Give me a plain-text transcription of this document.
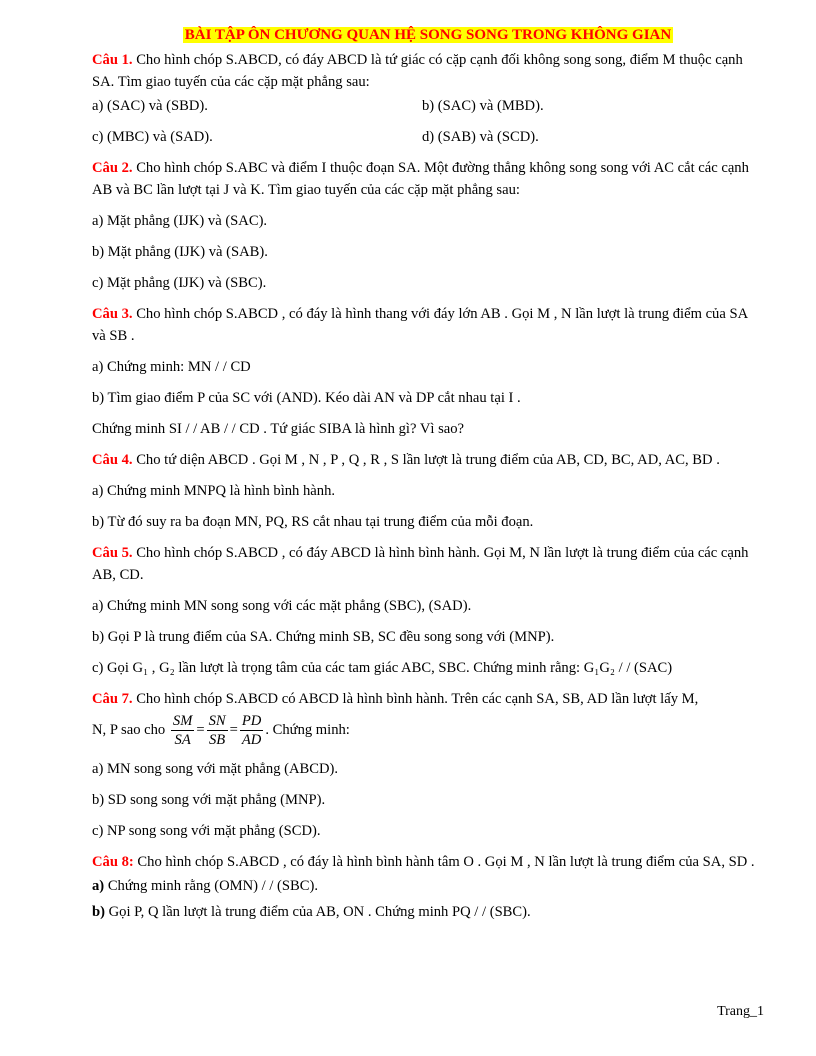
BÀI TẬP ÔN CHƯƠNG QUAN HỆ SONG SONG TRONG KHÔNG GIAN

Câu 1. Cho hình chóp S.ABCD, có đáy ABCD là tứ giác có cặp cạnh đối không song song, điểm M thuộc cạnh SA. Tìm giao tuyến của các cặp mặt phẳng sau:

a) (SAC) và (SBD).	b) (SAC) và (MBD).
c) (MBC) và (SAD).	d) (SAB) và (SCD).

Câu 2. Cho hình chóp S.ABC và điểm I thuộc đoạn SA. Một đường thẳng không song song với AC cắt các cạnh AB và BC lần lượt tại J và K. Tìm giao tuyến của các cặp mặt phẳng sau:

a) Mặt phẳng (IJK) và (SAC).

b) Mặt phẳng (IJK) và (SAB).

c) Mặt phẳng (IJK) và (SBC).

Câu 3. Cho hình chóp S.ABCD , có đáy là hình thang với đáy lớn AB . Gọi M , N lần lượt là trung điểm của SA và SB .

a) Chứng minh: MN / / CD

b) Tìm giao điểm P của SC với (AND). Kéo dài AN và DP cắt nhau tại I .

Chứng minh SI / / AB / / CD . Tứ giác SIBA là hình gì? Vì sao?

Câu 4. Cho tứ diện ABCD . Gọi M , N , P , Q , R , S lần lượt là trung điểm của AB, CD, BC, AD, AC, BD .

a) Chứng minh MNPQ là hình bình hành.

b) Từ đó suy ra ba đoạn MN, PQ, RS cắt nhau tại trung điểm của mỗi đoạn.

Câu 5. Cho hình chóp S.ABCD , có đáy ABCD là hình bình hành. Gọi M, N lần lượt là trung điểm của các cạnh AB, CD.

a) Chứng minh MN song song với các mặt phẳng (SBC), (SAD).

b) Gọi P là trung điểm của SA. Chứng minh SB, SC đều song song với (MNP).

c) Gọi G₁ , G₂ lần lượt là trọng tâm của các tam giác ABC, SBC. Chứng minh rằng: G₁G₂ / / (SAC)

Câu 7. Cho hình chóp S.ABCD có ABCD là hình bình hành. Trên các cạnh SA, SB, AD lần lượt lấy M,

N, P sao cho $\frac{SM}{SA} = \frac{SN}{SB} = \frac{PD}{AD}$ . Chứng minh:

a) MN song song với mặt phẳng (ABCD).

b) SD song song với mặt phẳng (MNP).

c) NP song song với mặt phẳng (SCD).

Câu 8: Cho hình chóp S.ABCD , có đáy là hình bình hành tâm O . Gọi M , N lần lượt là trung điểm của SA, SD .

a) Chứng minh rằng (OMN) / / (SBC).

b) Gọi P, Q lần lượt là trung điểm của AB, ON . Chứng minh PQ / / (SBC).

Trang_1
